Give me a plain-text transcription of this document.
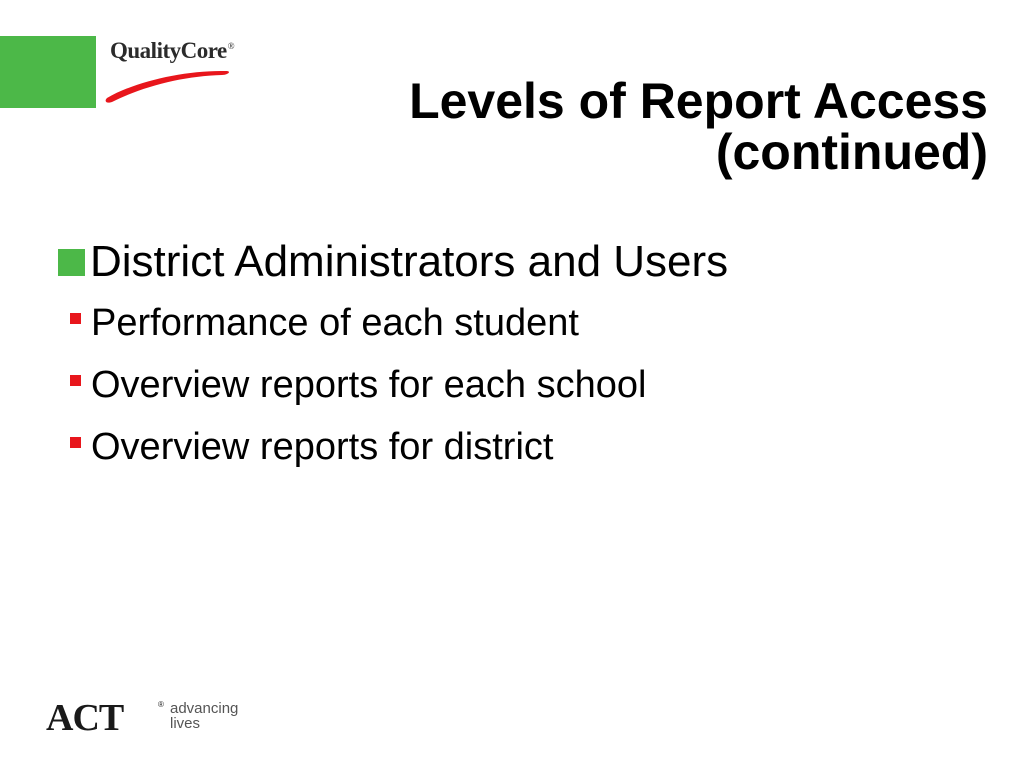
QualityCore®
Levels of Report Access
(continued)
District Administrators and Users
Performance of each student
Overview reports for each school
Overview reports for district
ACT	® advancing
lives
